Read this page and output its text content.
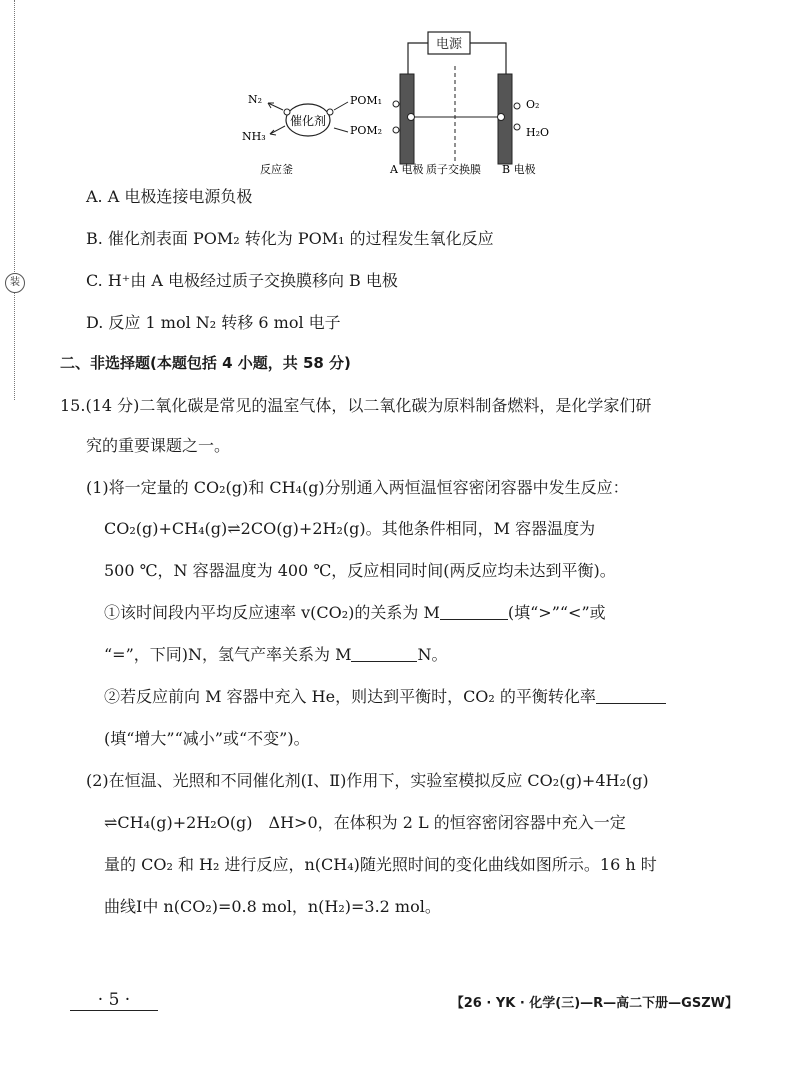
装
电源
催化剂
N₂
NH₃
POM₁
POM₂
O₂
H₂O
反应釜	A 电极 质子交换膜 B 电极
A. A 电极连接电源负极
B. 催化剂表面 POM₂ 转化为 POM₁ 的过程发生氧化反应
C. H⁺由 A 电极经过质子交换膜移向 B 电极
D. 反应 1 mol N₂ 转移 6 mol 电子
二、非选择题(本题包括 4 小题，共 58 分)
15.(14 分)二氧化碳是常见的温室气体，以二氧化碳为原料制备燃料，是化学家们研
究的重要课题之一。
(1)将一定量的 CO₂(g)和 CH₄(g)分别通入两恒温恒容密闭容器中发生反应：
CO₂(g)+CH₄(g)⇌2CO(g)+2H₂(g)。其他条件相同，M 容器温度为
500 ℃，N 容器温度为 400 ℃，反应相同时间(两反应均未达到平衡)。
①该时间段内平均反应速率 v(CO₂)的关系为 M	(填“>”“<”或
“=”，下同)N，氢气产率关系为 M	N。
②若反应前向 M 容器中充入 He，则达到平衡时，CO₂ 的平衡转化率
(填“增大”“减小”或“不变”)。
(2)在恒温、光照和不同催化剂(Ⅰ、Ⅱ)作用下，实验室模拟反应 CO₂(g)+4H₂(g)
⇌CH₄(g)+2H₂O(g)　ΔH>0，在体积为 2 L 的恒容密闭容器中充入一定
量的 CO₂ 和 H₂ 进行反应，n(CH₄)随光照时间的变化曲线如图所示。16 h 时
曲线Ⅰ中 n(CO₂)=0.8 mol，n(H₂)=3.2 mol。
· 5 ·	【26 · YK · 化学(三)—R—高二下册—GSZW】
